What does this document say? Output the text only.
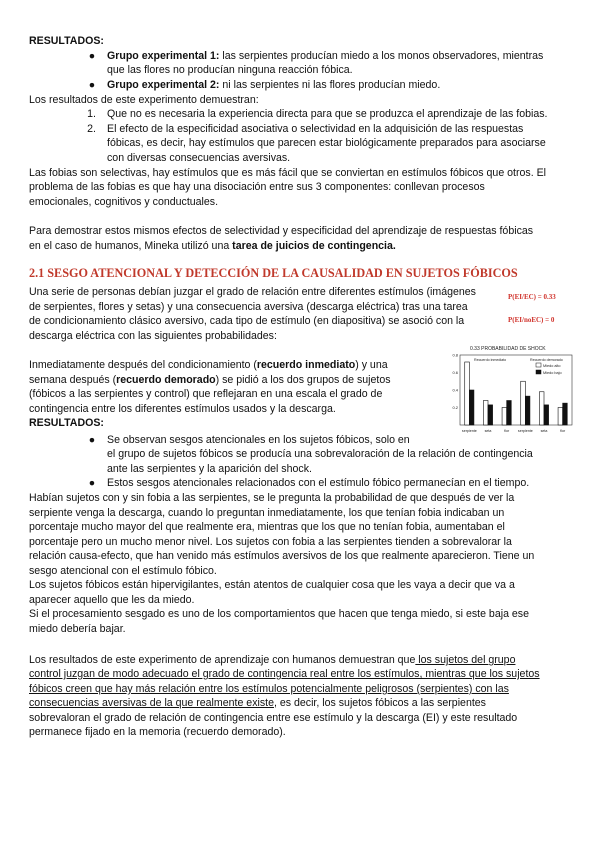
RESULTADOS:
● Grupo experimental 1: las serpientes producían miedo a los monos observadores, mientras
que las flores no producían ninguna reacción fóbica.
● Grupo experimental 2: ni las serpientes ni las flores producían miedo.
Los resultados de este experimento demuestran:
1. Que no es necesaria la experiencia directa para que se produzca el aprendizaje de las fobias.
2. El efecto de la especificidad asociativa o selectividad en la adquisición de las respuestas
fóbicas, es decir, hay estímulos que parecen estar biológicamente preparados para asociarse
con diversas consecuencias aversivas.
Las fobias son selectivas, hay estímulos que es más fácil que se conviertan en estímulos fóbicos que otros. El
problema de las fobias es que hay una disociación entre sus 3 componentes: conllevan procesos
emocionales, cognitivos y conductuales.
Para demostrar estos mismos efectos de selectividad y especificidad del aprendizaje de respuestas fóbicas
en el caso de humanos, Mineka utilizó una tarea de juicios de contingencia.
2.1 SESGO ATENCIONAL Y DETECCIÓN DE LA CAUSALIDAD EN SUJETOS FÓBICOS
Una serie de personas debían juzgar el grado de relación entre diferentes estímulos (imágenes
de serpientes, flores y setas) y una consecuencia aversiva (descarga eléctrica) tras una tarea
de condicionamiento clásico aversivo, cada tipo de estímulo (en diapositiva) se asoció con la
descarga eléctrica con las siguientes probabilidades:
P(EI/EC) = 0.33
P(EI/noEC) = 0
Inmediatamente después del condicionamiento (recuerdo inmediato) y una
semana después (recuerdo demorado) se pidió a los dos grupos de sujetos
(fóbicos a las serpientes y control) que reflejaran en una escala el grado de
contingencia entre los diferentes estímulos usados y la descarga.
RESULTADOS:
0.33 PROBABILIDAD DE SHOCK
0.2
0.4
0.6
0.8
serpiente seta	flor serpiente seta	flor
Recuerdo inmediato	Recuerdo demorado
Miedo alto
Miedo bajo
● Se observan sesgos atencionales en los sujetos fóbicos, solo en
el grupo de sujetos fóbicos se producía una sobrevaloración de la relación de contingencia
ante las serpientes y la aparición del shock.
● Estos sesgos atencionales relacionados con el estímulo fóbico permanecían en el tiempo.
Habían sujetos con y sin fobia a las serpientes, se le pregunta la probabilidad de que después de ver la
serpiente venga la descarga, cuando lo preguntan inmediatamente, los que tenían fobia indicaban un
porcentaje mucho mayor del que realmente era, mientras que los que no tenían fobia, aumentaban el
porcentaje pero un mucho menor nivel. Los sujetos con fobia a las serpientes tienden a sobrevalorar la
relación causa-efecto, que han venido más estímulos aversivos de los que realmente aparecieron. Tiene un
sesgo atencional con el estímulo fóbico.
Los sujetos fóbicos están hipervigilantes, están atentos de cualquier cosa que les vaya a decir que va a
aparecer aquello que les da miedo.
Si el procesamiento sesgado es uno de los comportamientos que hacen que tenga miedo, si este baja ese
miedo debería bajar.
Los resultados de este experimento de aprendizaje con humanos demuestran que los sujetos del grupo
control juzgan de modo adecuado el grado de contingencia real entre los estímulos, mientras que los sujetos
fóbicos creen que hay más relación entre los estímulos potencialmente peligrosos (serpientes) con las
consecuencias aversivas de la que realmente existe, es decir, los sujetos fóbicos a las serpientes
sobrevaloran el grado de relación de contingencia entre ese estímulo y la descarga (EI) y este resultado
permanece fijado en la memoria (recuerdo demorado).
